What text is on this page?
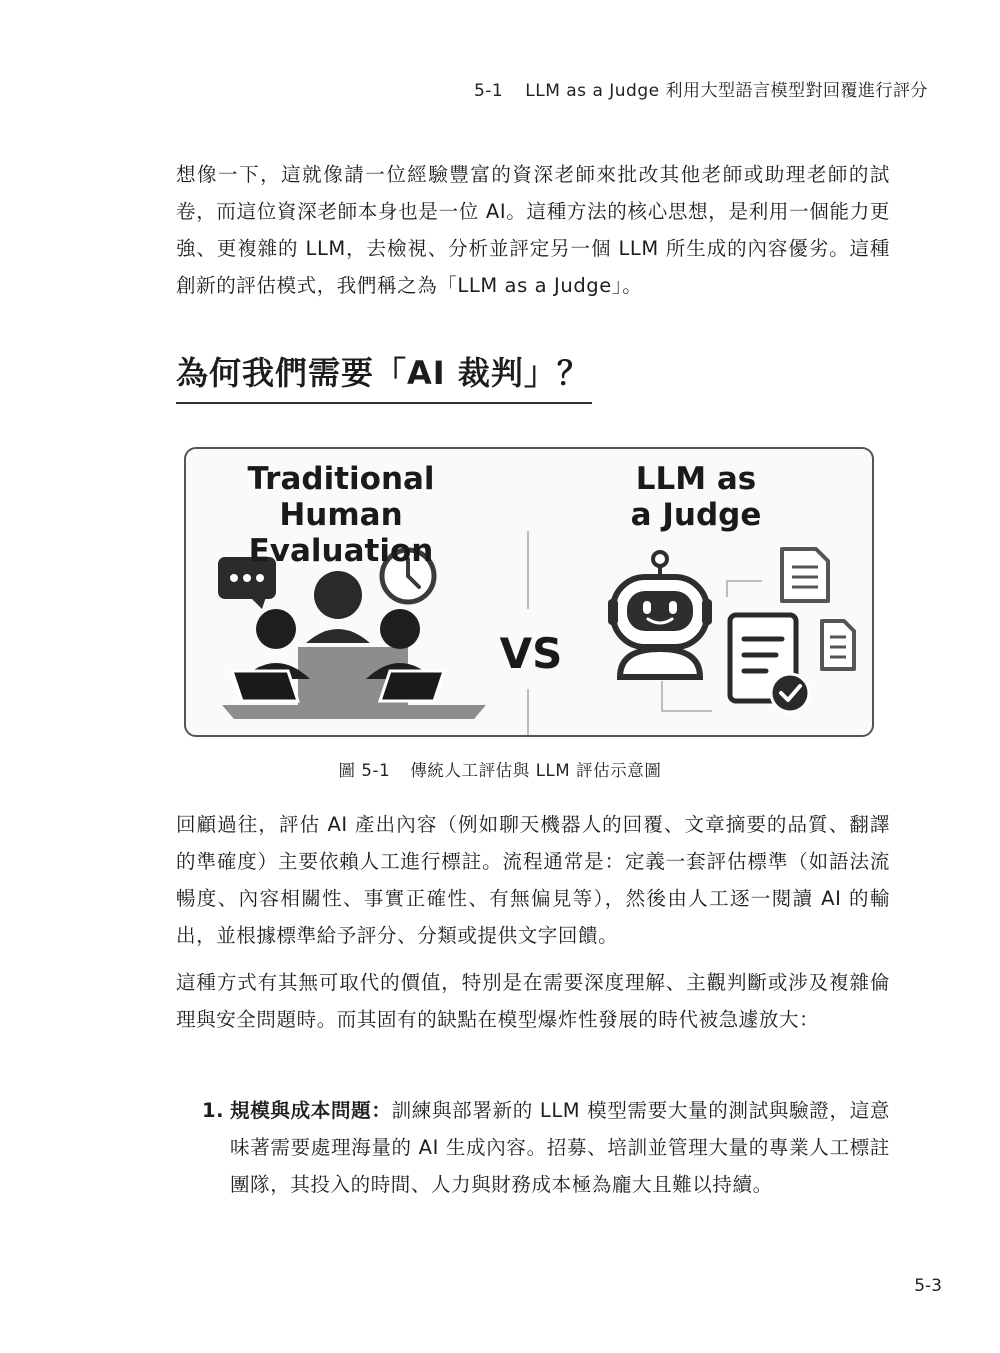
5-1 LLM as a Judge 利用大型語言模型對回覆進行評分

想像一下，這就像請一位經驗豐富的資深老師來批改其他老師或助理老師的試卷，而這位資深老師本身也是一位 AI。這種方法的核心思想，是利用一個能力更強、更複雜的 LLM，去檢視、分析並評定另一個 LLM 所生成的內容優劣。這種創新的評估模式，我們稱之為「LLM as a Judge」。

為何我們需要「AI 裁判」？
Traditional
Human Evaluation
VS
LLM as
a Judge
圖 5-1 傳統人工評估與 LLM 評估示意圖

回顧過往，評估 AI 產出內容（例如聊天機器人的回覆、文章摘要的品質、翻譯的準確度）主要依賴人工進行標註。流程通常是：定義一套評估標準（如語法流暢度、內容相關性、事實正確性、有無偏見等），然後由人工逐一閱讀 AI 的輸出，並根據標準給予評分、分類或提供文字回饋。

這種方式有其無可取代的價值，特別是在需要深度理解、主觀判斷或涉及複雜倫理與安全問題時。而其固有的缺點在模型爆炸性發展的時代被急遽放大：

1. 規模與成本問題：訓練與部署新的 LLM 模型需要大量的測試與驗證，這意味著需要處理海量的 AI 生成內容。招募、培訓並管理大量的專業人工標註團隊，其投入的時間、人力與財務成本極為龐大且難以持續。
5-3
